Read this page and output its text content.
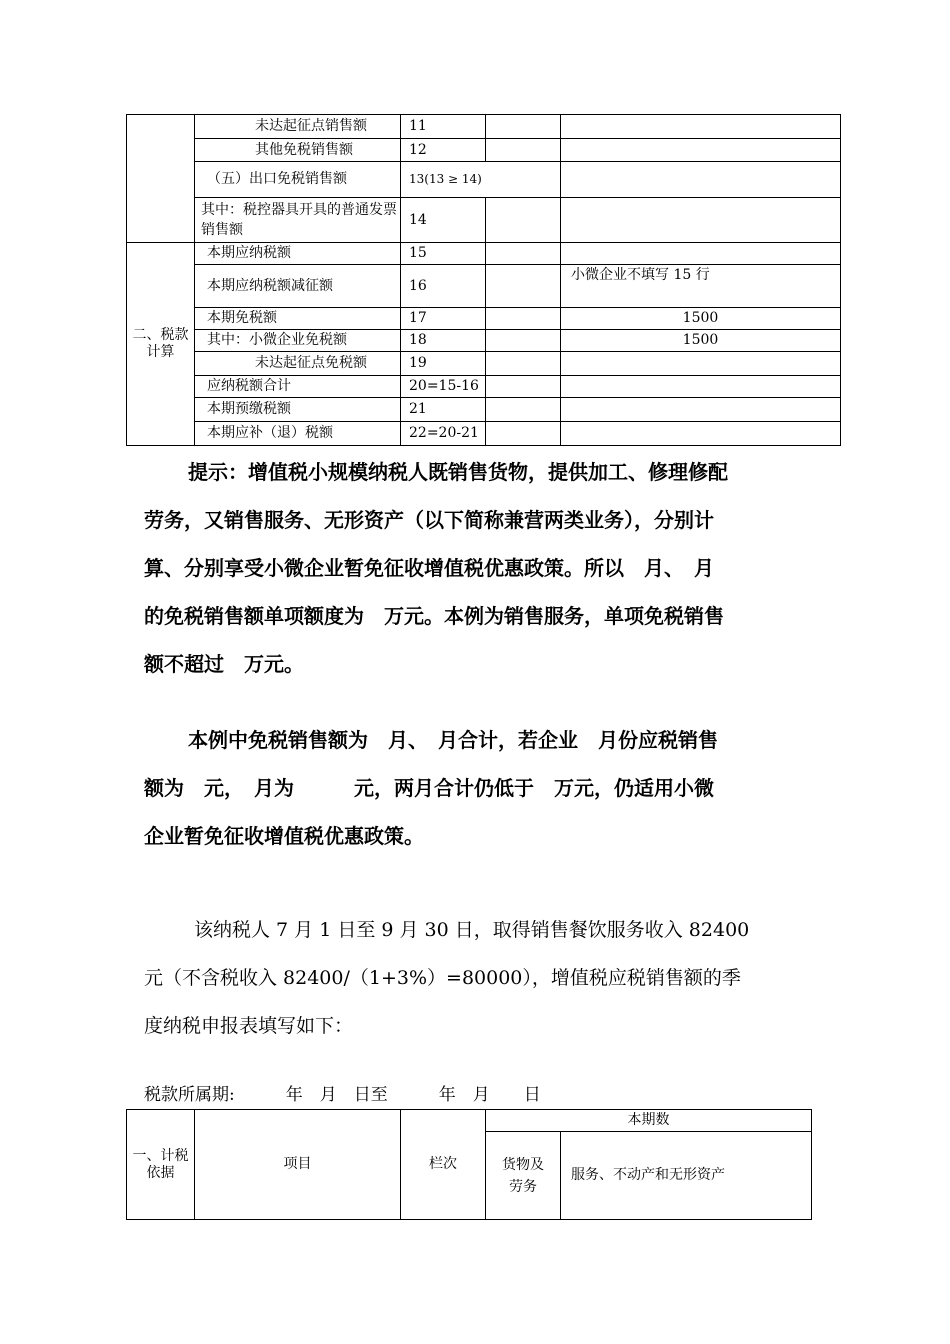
	未达起征点销售额	11		
	其他免税销售额	12		
	（五）出口免税销售额	13(13 ≥ 14)		
	其中：税控器具开具的普通发票销售额	14		
二、税款计算	本期应纳税额	15		
	本期应纳税额减征额	16		小微企业不填写 15 行
	本期免税额	17		1500
	其中：小微企业免税额	18		1500
	未达起征点免税额	19		
	应纳税额合计	20=15-16		
	本期预缴税额	21		
	本期应补（退）税额	22=20-21		
提示：增值税小规模纳税人既销售货物，提供加工、修理修配
劳务，又销售服务、无形资产（以下简称兼营两类业务），分别计
算、分别享受小微企业暂免征收增值税优惠政策。所以　月、　月
的免税销售额单项额度为　万元。本例为销售服务，单项免税销售
额不超过　万元。
本例中免税销售额为　月、　月合计，若企业　月份应税销售
额为　元，　月为　　　元，两月合计仍低于　万元，仍适用小微
企业暂免征收增值税优惠政策。
该纳税人 7 月 1 日至 9 月 30 日，取得销售餐饮服务收入 82400
元（不含税收入 82400/（1+3%）=80000），增值税应税销售额的季
度纳税申报表填写如下：
税款所属期:　　　年　月　日至　　　年　月　　日
一、计税依据	项目	栏次	本期数	
			货物及劳务	服务、不动产和无形资产
